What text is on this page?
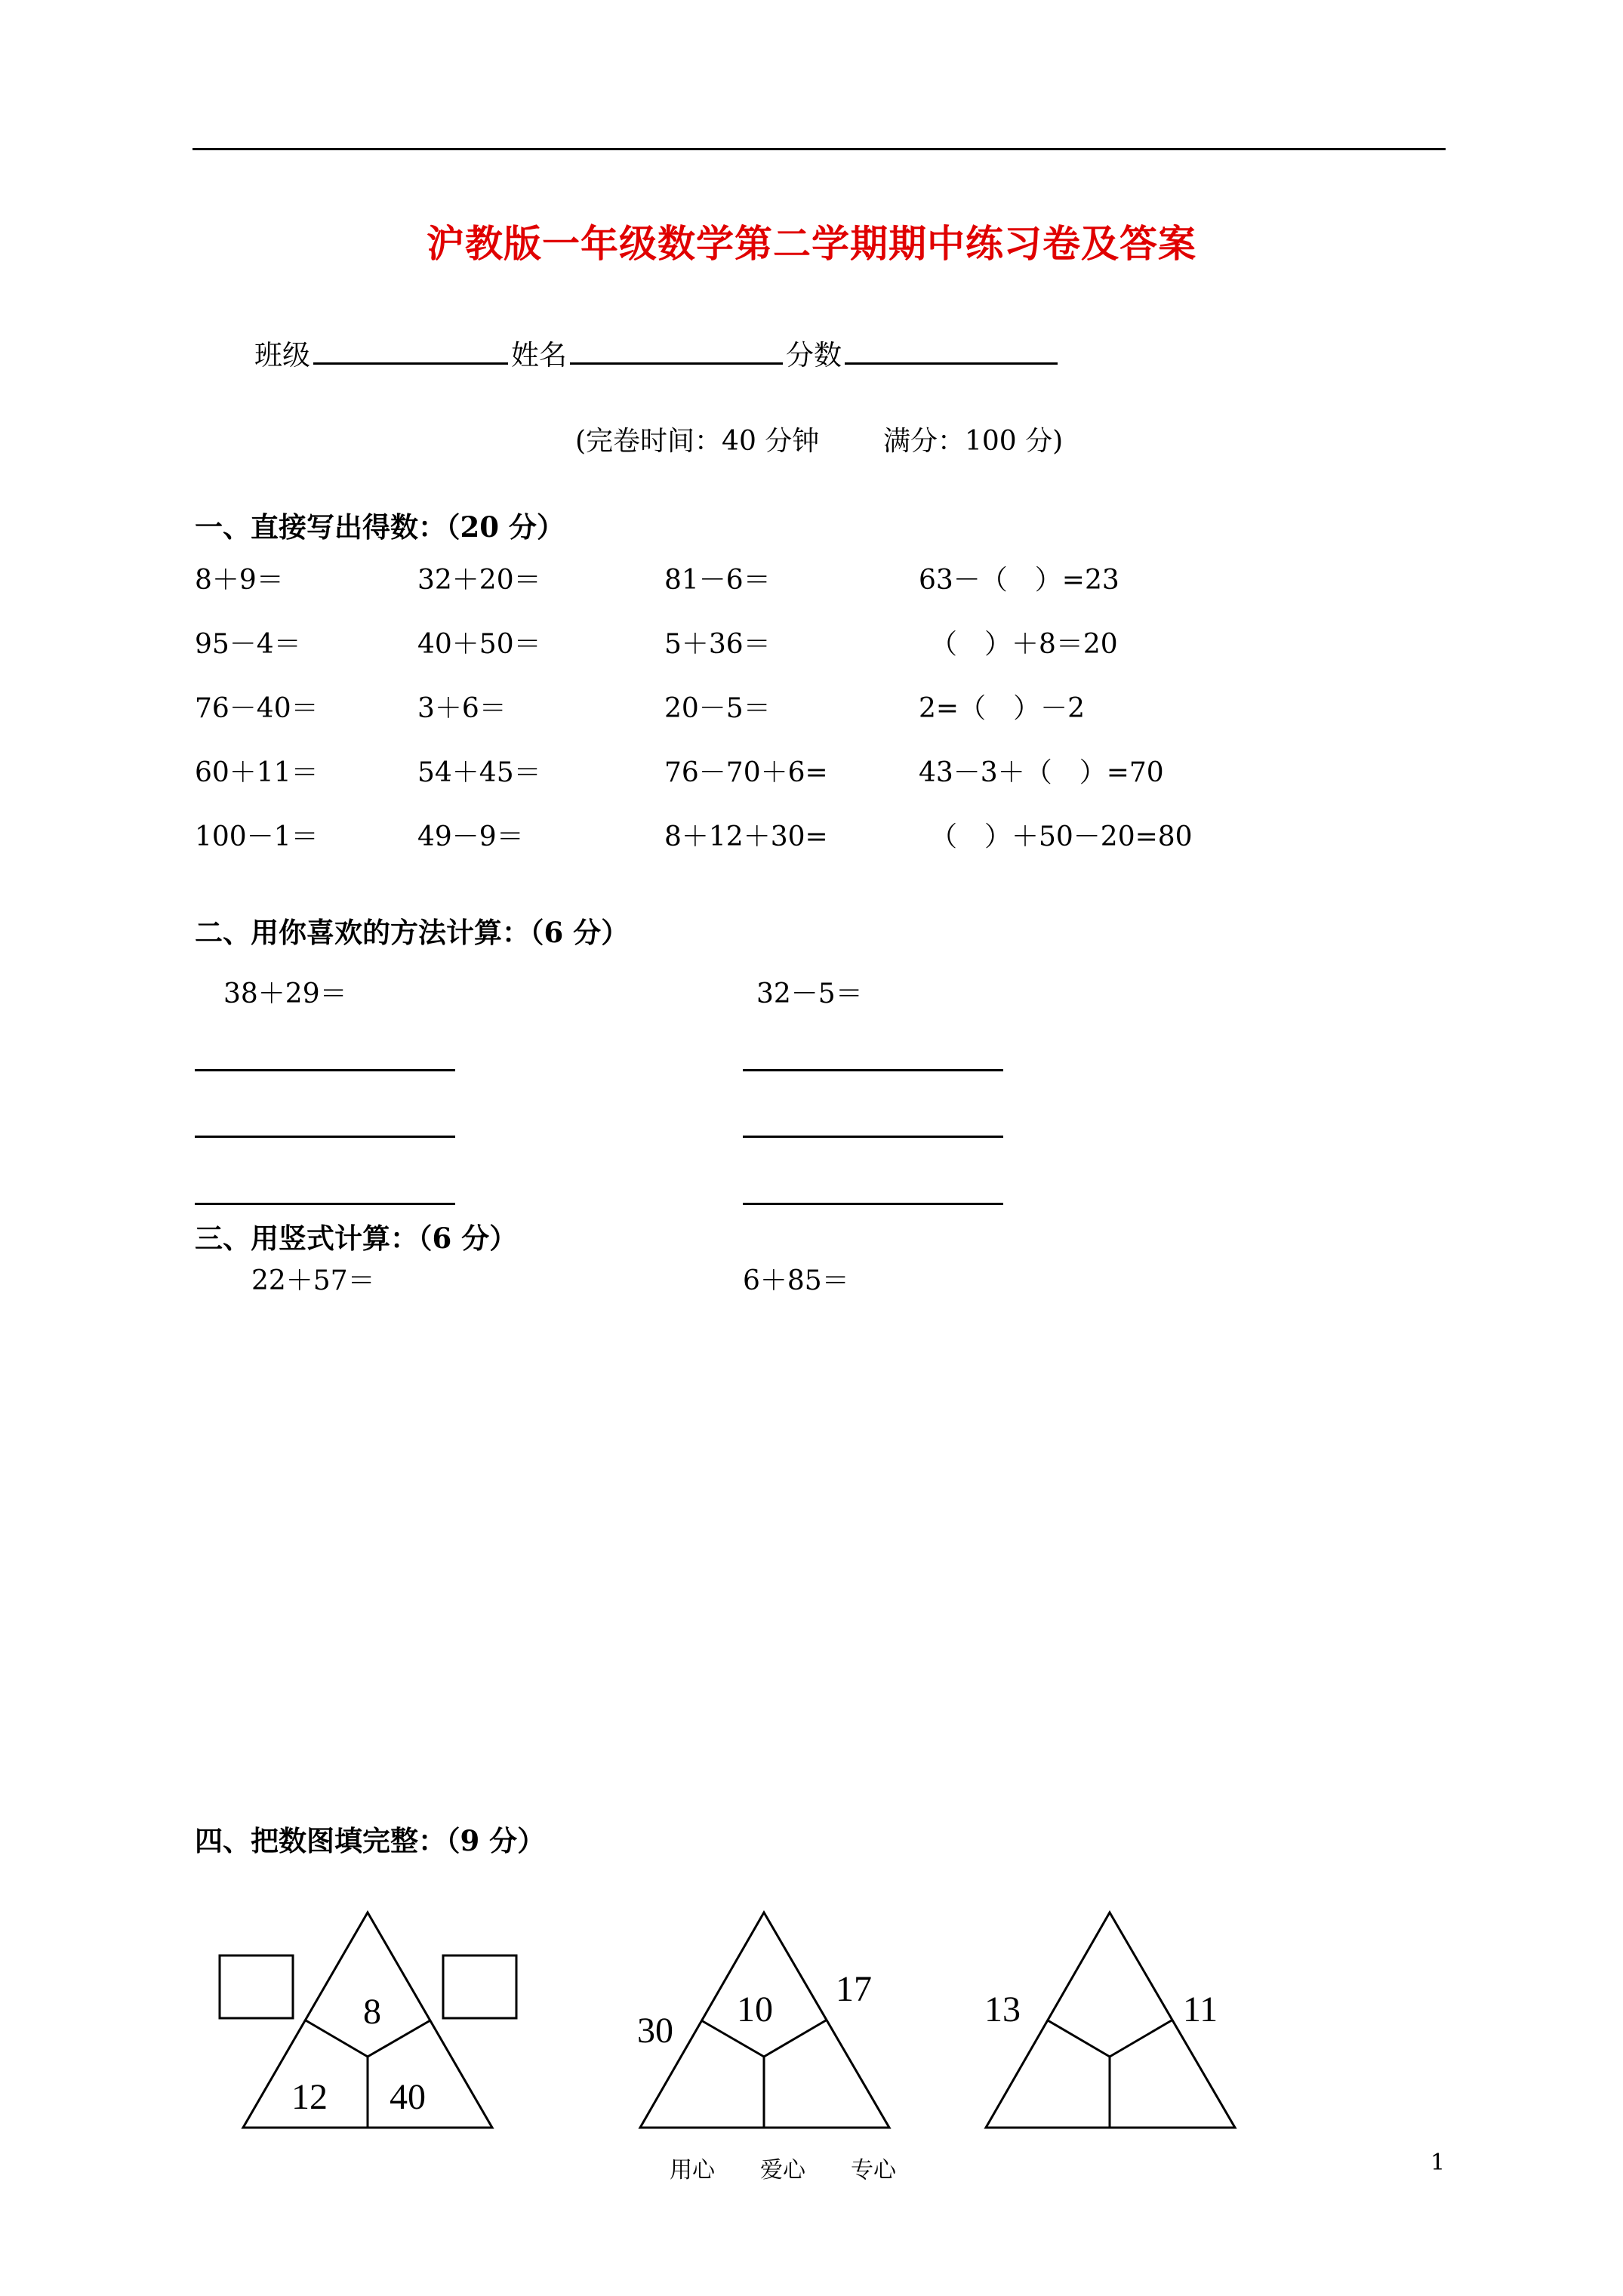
沪教版一年级数学第二学期期中练习卷及答案
班级	姓名	分数
(完卷时间：40 分钟 满分：100 分)
一、直接写出得数：（20 分）
8＋9＝	32＋20＝	81－6＝	63－（　）=23
95－4＝	40＋50＝	5＋36＝	（　）＋8＝20
76－40＝	3＋6＝	20－5＝	2=（　）－2
60＋11＝	54＋45＝	76－70＋6=	43－3＋（　）=70
100－1＝	49－9＝	8＋12＋30=	（　）＋50－20=80
二、用你喜欢的方法计算：（6 分）
38＋29＝	32－5＝
三、用竖式计算：（6 分）
22＋57＝	6＋85＝
四、把数图填完整：（9 分）
8
12 40
10
30
17
13	11
用心　　爱心　　专心	1
